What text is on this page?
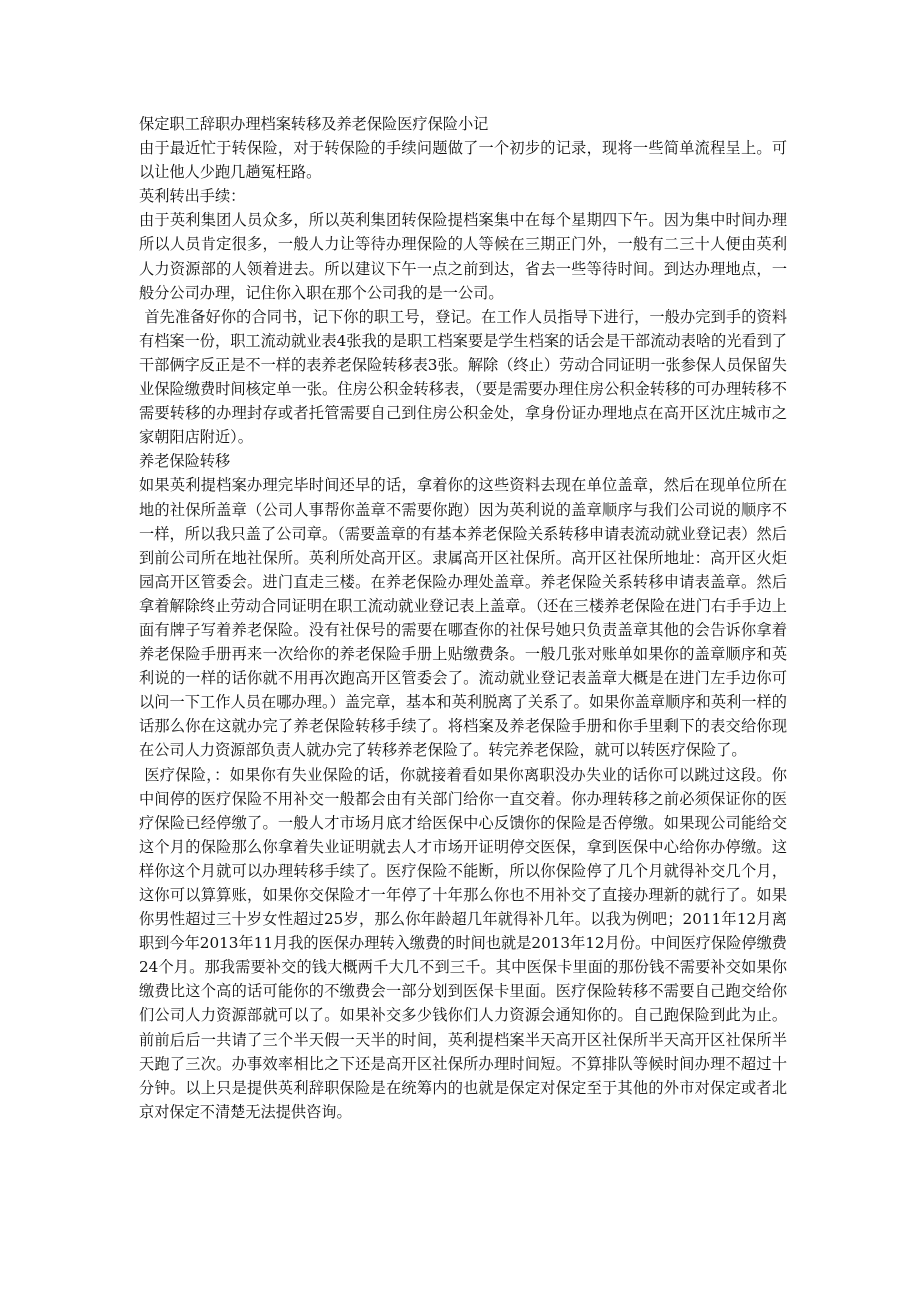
保定职工辞职办理档案转移及养老保险医疗保险小记

由于最近忙于转保险，对于转保险的手续问题做了一个初步的记录，现将一些简单流程呈上。可以让他人少跑几趟冤枉路。

英利转出手续：

由于英利集团人员众多，所以英利集团转保险提档案集中在每个星期四下午。因为集中时间办理所以人员肯定很多，一般人力让等待办理保险的人等候在三期正门外，一般有二三十人便由英利人力资源部的人领着进去。所以建议下午一点之前到达，省去一些等待时间。到达办理地点，一般分公司办理，记住你入职在那个公司我的是一公司。

首先准备好你的合同书，记下你的职工号，登记。在工作人员指导下进行，一般办完到手的资料有档案一份，职工流动就业表4张我的是职工档案要是学生档案的话会是干部流动表啥的光看到了干部俩字反正是不一样的表养老保险转移表3张。解除（终止）劳动合同证明一张参保人员保留失业保险缴费时间核定单一张。住房公积金转移表，（要是需要办理住房公积金转移的可办理转移不需要转移的办理封存或者托管需要自己到住房公积金处，拿身份证办理地点在高开区沈庄城市之家朝阳店附近）。

养老保险转移

如果英利提档案办理完毕时间还早的话，拿着你的这些资料去现在单位盖章，然后在现单位所在地的社保所盖章（公司人事帮你盖章不需要你跑）因为英利说的盖章顺序与我们公司说的顺序不一样，所以我只盖了公司章。（需要盖章的有基本养老保险关系转移申请表流动就业登记表）然后到前公司所在地社保所。英利所处高开区。隶属高开区社保所。高开区社保所地址：高开区火炬园高开区管委会。进门直走三楼。在养老保险办理处盖章。养老保险关系转移申请表盖章。然后拿着解除终止劳动合同证明在职工流动就业登记表上盖章。（还在三楼养老保险在进门右手手边上面有牌子写着养老保险。没有社保号的需要在哪查你的社保号她只负责盖章其他的会告诉你拿着养老保险手册再来一次给你的养老保险手册上贴缴费条。一般几张对账单如果你的盖章顺序和英利说的一样的话你就不用再次跑高开区管委会了。流动就业登记表盖章大概是在进门左手边你可以问一下工作人员在哪办理。）盖完章，基本和英利脱离了关系了。如果你盖章顺序和英利一样的话那么你在这就办完了养老保险转移手续了。将档案及养老保险手册和你手里剩下的表交给你现在公司人力资源部负责人就办完了转移养老保险了。转完养老保险，就可以转医疗保险了。

医疗保险，：如果你有失业保险的话，你就接着看如果你离职没办失业的话你可以跳过这段。你中间停的医疗保险不用补交一般都会由有关部门给你一直交着。你办理转移之前必须保证你的医疗保险已经停缴了。一般人才市场月底才给医保中心反馈你的保险是否停缴。如果现公司能给交这个月的保险那么你拿着失业证明就去人才市场开证明停交医保，拿到医保中心给你办停缴。这样你这个月就可以办理转移手续了。医疗保险不能断，所以你保险停了几个月就得补交几个月，这你可以算算账，如果你交保险才一年停了十年那么你也不用补交了直接办理新的就行了。如果你男性超过三十岁女性超过25岁，那么你年龄超几年就得补几年。以我为例吧；2011年12月离职到今年2013年11月我的医保办理转入缴费的时间也就是2013年12月份。中间医疗保险停缴费24个月。那我需要补交的钱大概两千大几不到三千。其中医保卡里面的那份钱不需要补交如果你缴费比这个高的话可能你的不缴费会一部分划到医保卡里面。医疗保险转移不需要自己跑交给你们公司人力资源部就可以了。如果补交多少钱你们人力资源会通知你的。自己跑保险到此为止。前前后后一共请了三个半天假一天半的时间，英利提档案半天高开区社保所半天高开区社保所半天跑了三次。办事效率相比之下还是高开区社保所办理时间短。不算排队等候时间办理不超过十分钟。以上只是提供英利辞职保险是在统筹内的也就是保定对保定至于其他的外市对保定或者北京对保定不清楚无法提供咨询。
